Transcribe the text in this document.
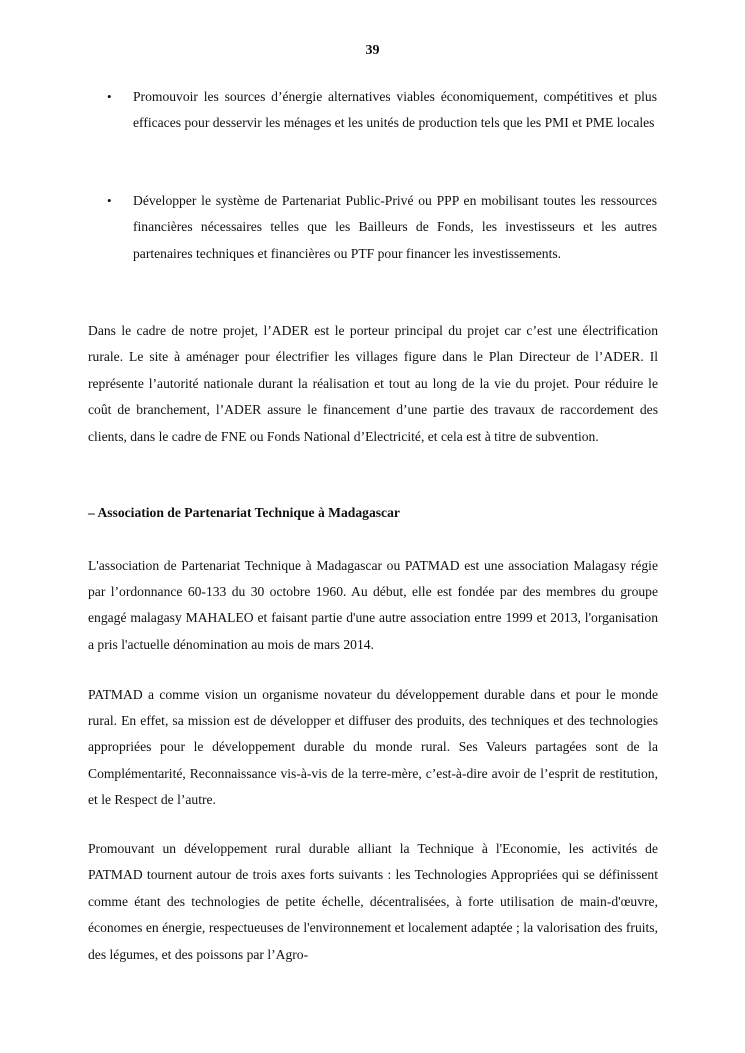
39
• Promouvoir les sources d’énergie alternatives viables économiquement, compétitives et plus efficaces pour desservir les ménages et les unités de production tels que les PMI et PME locales
• Développer le système de Partenariat Public-Privé ou PPP en mobilisant toutes les ressources financières nécessaires telles que les Bailleurs de Fonds, les investisseurs et les autres partenaires techniques et financières ou PTF pour financer les investissements.

Dans le cadre de notre projet, l’ADER est le porteur principal du projet car c’est une électrification rurale. Le site à aménager pour électrifier les villages figure dans le Plan Directeur de l’ADER. Il représente l’autorité nationale durant la réalisation et tout au long de la vie du projet. Pour réduire le coût de branchement, l’ADER assure le financement d’une partie des travaux de raccordement des clients, dans le cadre de FNE ou Fonds National d’Electricité, et cela est à titre de subvention.

– Association de Partenariat Technique à Madagascar

L'association de Partenariat Technique à Madagascar ou PATMAD est une association Malagasy régie par l’ordonnance 60-133 du 30 octobre 1960. Au début, elle est fondée par des membres du groupe engagé malagasy MAHALEO et faisant partie d'une autre association entre 1999 et 2013, l'organisation a pris l'actuelle dénomination au mois de mars 2014.

PATMAD a comme vision un organisme novateur du développement durable dans et pour le monde rural. En effet, sa mission est de développer et diffuser des produits, des techniques et des technologies appropriées pour le développement durable du monde rural. Ses Valeurs partagées sont de la Complémentarité, Reconnaissance vis-à-vis de la terre-mère, c’est-à-dire avoir de l’esprit de restitution, et le Respect de l’autre.

Promouvant un développement rural durable alliant la Technique à l'Economie, les activités de PATMAD tournent autour de trois axes forts suivants : les Technologies Appropriées qui se définissent comme étant des technologies de petite échelle, décentralisées, à forte utilisation de main-d'œuvre, économes en énergie, respectueuses de l'environnement et localement adaptée ; la valorisation des fruits, des légumes, et des poissons par l’Agro-
